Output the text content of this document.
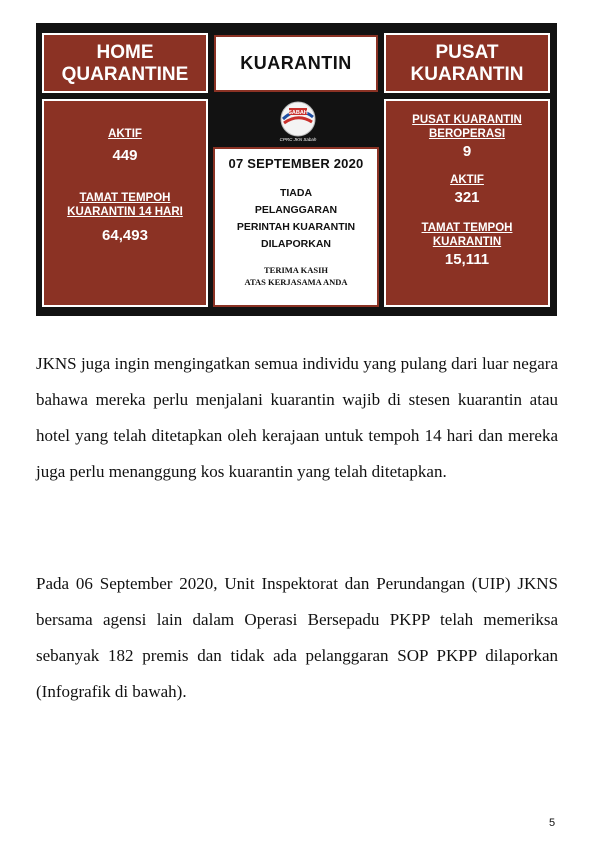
HOME
QUARANTINE
AKTIF
449
TAMAT TEMPOH
KUARANTIN 14 HARI
64,493
KUARANTIN
SABAH
CPRC JKN Sabah
07 SEPTEMBER 2020
TIADA
PELANGGARAN
PERINTAH KUARANTIN
DILAPORKAN
TERIMA KASIH
ATAS KERJASAMA ANDA
PUSAT
KUARANTIN
PUSAT KUARANTIN
BEROPERASI
9
AKTIF
321
TAMAT TEMPOH
KUARANTIN
15,111

JKNS juga ingin mengingatkan semua individu yang pulang dari luar negara bahawa mereka perlu menjalani kuarantin wajib di stesen kuarantin atau hotel yang telah ditetapkan oleh kerajaan untuk tempoh 14 hari dan mereka juga perlu menanggung kos kuarantin yang telah ditetapkan.

Pada 06 September 2020, Unit Inspektorat dan Perundangan (UIP) JKNS bersama agensi lain dalam Operasi Bersepadu PKPP telah memeriksa sebanyak 182 premis dan tidak ada pelanggaran SOP PKPP dilaporkan (Infografik di bawah).

5
